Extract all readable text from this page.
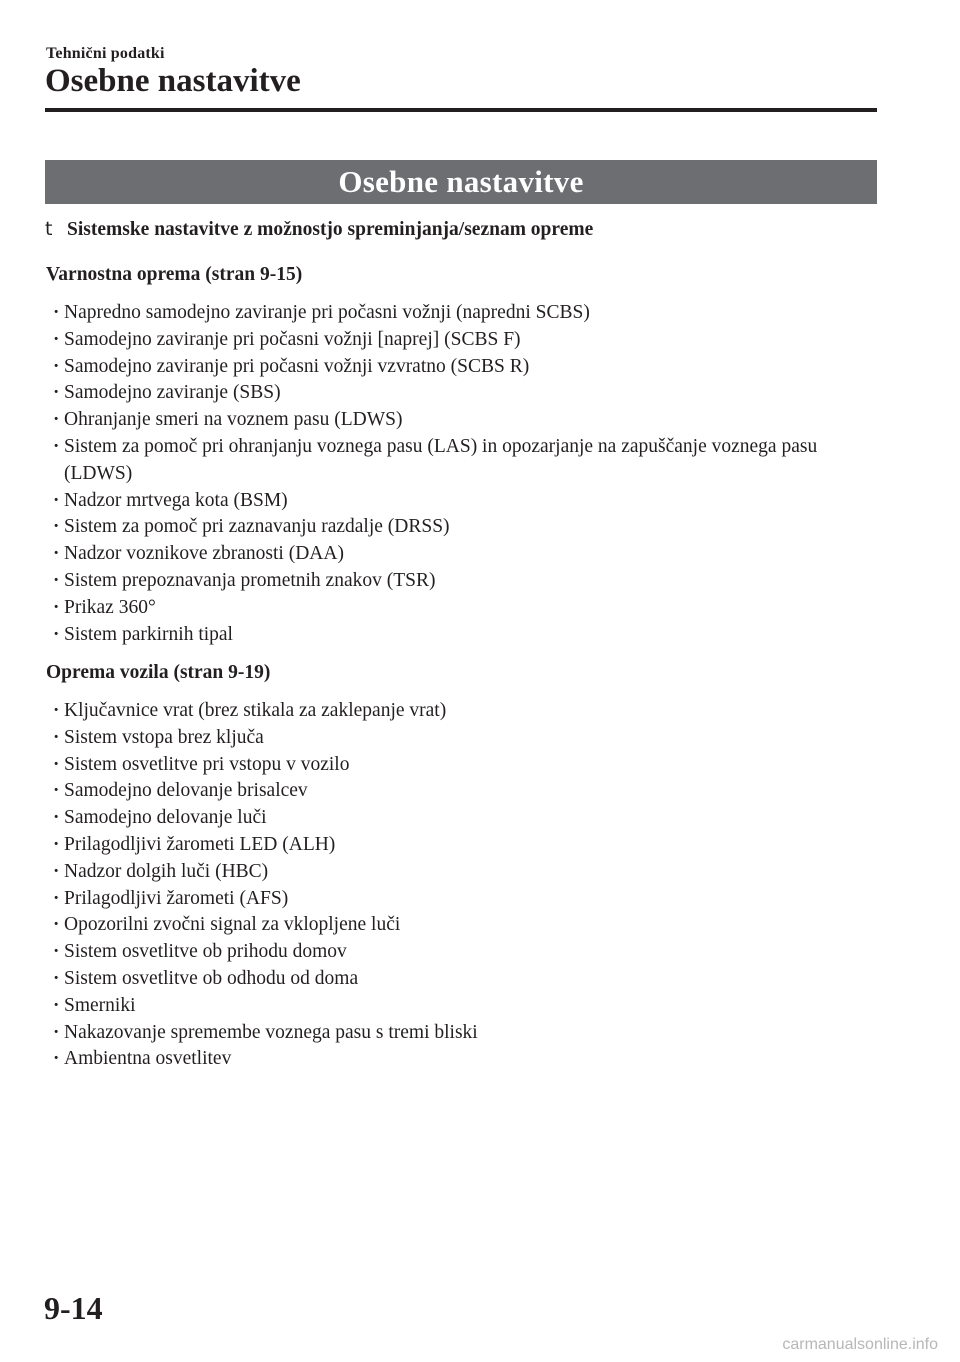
Tehnični podatki
Osebne nastavitve
Osebne nastavitve
t Sistemske nastavitve z možnostjo spreminjanja/seznam opreme
Varnostna oprema (stran 9-15)
· Napredno samodejno zaviranje pri počasni vožnji (napredni SCBS)
· Samodejno zaviranje pri počasni vožnji [naprej] (SCBS F)
· Samodejno zaviranje pri počasni vožnji vzvratno (SCBS R)
· Samodejno zaviranje (SBS)
· Ohranjanje smeri na voznem pasu (LDWS)
· Sistem za pomoč pri ohranjanju voznega pasu (LAS) in opozarjanje na zapuščanje voznega pasu (LDWS)
· Nadzor mrtvega kota (BSM)
· Sistem za pomoč pri zaznavanju razdalje (DRSS)
· Nadzor voznikove zbranosti (DAA)
· Sistem prepoznavanja prometnih znakov (TSR)
· Prikaz 360°
· Sistem parkirnih tipal
Oprema vozila (stran 9-19)
· Ključavnice vrat (brez stikala za zaklepanje vrat)
· Sistem vstopa brez ključa
· Sistem osvetlitve pri vstopu v vozilo
· Samodejno delovanje brisalcev
· Samodejno delovanje luči
· Prilagodljivi žarometi LED (ALH)
· Nadzor dolgih luči (HBC)
· Prilagodljivi žarometi (AFS)
· Opozorilni zvočni signal za vklopljene luči
· Sistem osvetlitve ob prihodu domov
· Sistem osvetlitve ob odhodu od doma
· Smerniki
· Nakazovanje spremembe voznega pasu s tremi bliski
· Ambientna osvetlitev
9-14
carmanualsonline.info
